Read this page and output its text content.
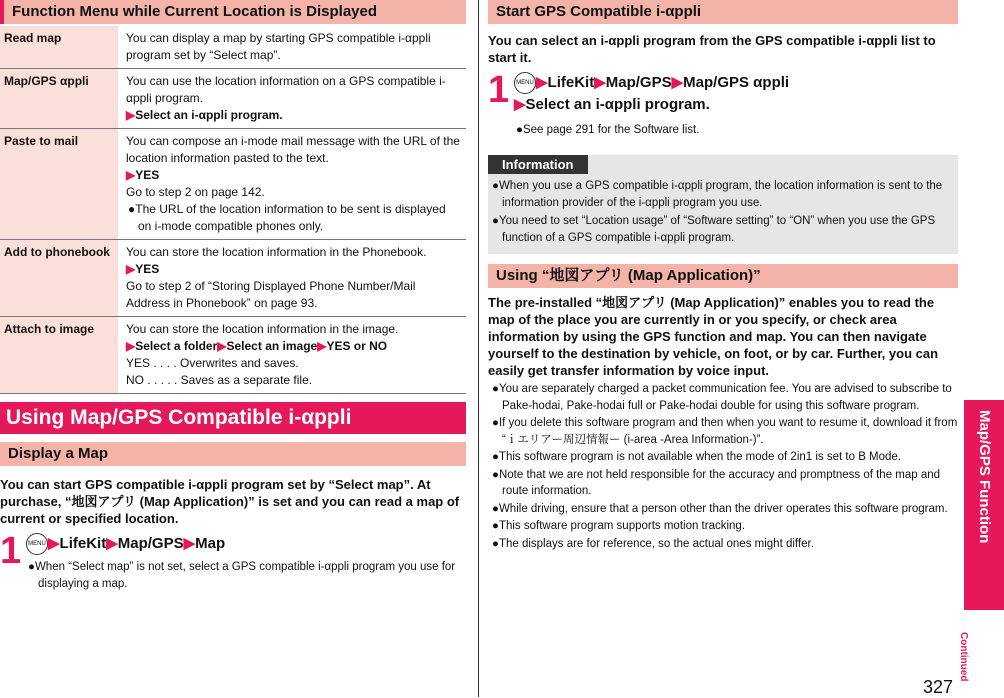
Function Menu while Current Location is Displayed
Read map	You can display a map by starting GPS compatible i-αppli program set by “Select map”.
Map/GPS αppli	You can use the location information on a GPS compatible i-αppli program.
▶Select an i-αppli program.

Paste to mail	You can compose an i-mode mail message with the URL of the location information pasted to the text.
▶YES
Go to step 2 on page 142.
●The URL of the location information to be sent is displayed on i-mode compatible phones only.

Add to phonebook	You can store the location information in the Phonebook.
▶YES
Go to step 2 of “Storing Displayed Phone Number/Mail Address in Phonebook” on page 93.

Attach to image	You can store the location information in the image.
▶Select a folder▶Select an image▶YES or NO
YES . . . . Overwrites and saves.
NO . . . . . Saves as a separate file.
Using Map/GPS Compatible i-αppli
Display a Map
You can start GPS compatible i-αppli program set by “Select map”. At purchase, “地図アプリ (Map Application)” is set and you can read a map of current or specified location.
1	MENU ▶LifeKit▶Map/GPS▶Map
●When “Select map” is not set, select a GPS compatible i-αppli program you use for displaying a map.
Start GPS Compatible i-αppli
You can select an i-αppli program from the GPS compatible i-αppli list to start it.
1	MENU ▶LifeKit▶Map/GPS▶Map/GPS αppli
▶Select an i-αppli program.
●See page 291 for the Software list.
Information

●When you use a GPS compatible i-αppli program, the location information is sent to the information provider of the i-αppli program you use.

●You need to set “Location usage” of “Software setting” to “ON” when you use the GPS function of a GPS compatible i-αppli program.

Using “地図アプリ (Map Application)”
The pre-installed “地図アプリ (Map Application)” enables you to read the map of the place you are currently in or you specify, or check area information by using the GPS function and map. You can then navigate yourself to the destination by vehicle, on foot, or by car. Further, you can easily get transfer information by voice input.

●You are separately charged a packet communication fee. You are advised to subscribe to Pake-hodai, Pake-hodai full or Pake-hodai double for using this software program.

●If you delete this software program and then when you want to resume it, download it from “ｉエリアー周辺情報ー (i-area -Area Information-)”.

●This software program is not available when the mode of 2in1 is set to B Mode.

●Note that we are not held responsible for the accuracy and promptness of the map and route information.

●While driving, ensure that a person other than the driver operates this software program.

●This software program supports motion tracking.

●The displays are for reference, so the actual ones might differ.

Map/GPS Function
Continued
327
